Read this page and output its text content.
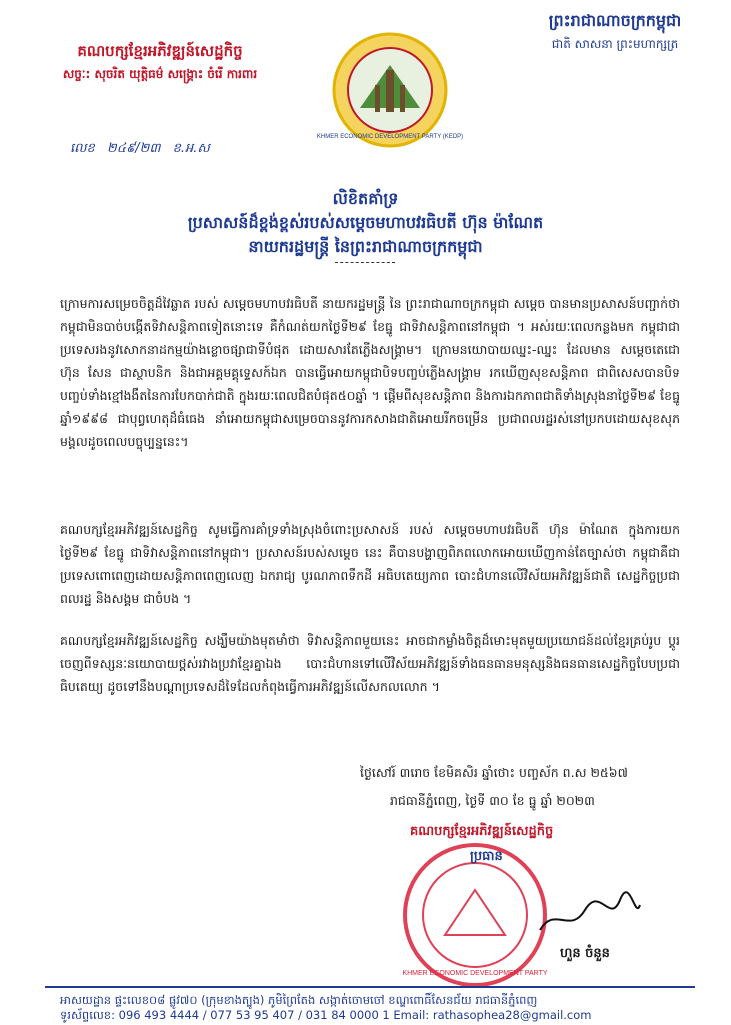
គណបក្សខ្មែរអភិវឌ្ឍន៍សេដ្ឋកិច្ច
សច្ចៈ: សុចរិត យុត្តិធម៌ សង្គ្រោះ ចំរើ ការពារ
KHMER ECONOMIC DEVELOPMENT PARTY (KEDP)
ព្រះរាជាណាចក្រកម្ពុជា
ជាតិ សាសនា ព្រះមហាក្សត្រ
លេខ ២៤៩/២៣ ខ.អ.ស
លិខិតគាំទ្រ
ប្រសាសន៍ដ៏ខ្ពង់ខ្ពស់របស់សម្តេចមហាបវរធិបតី ហ៊ុន ម៉ាណែត
នាយករដ្ឋមន្ត្រី នៃព្រះរាជាណាចក្រកម្ពុជា
ក្រោមការសម្រេចចិត្តដ៏វៃឆ្លាត របស់ សម្តេចមហាបវរធិបតី នាយករដ្ឋមន្ត្រី នៃ ព្រះរាជាណាចក្រកម្ពុជា សម្តេច បានមានប្រសាសន៍បញ្ជាក់ថា កម្ពុជាមិនបាច់បង្កើតទិវាសន្តិភាពទៀតនោះទេ គឺកំណត់យកថ្ងៃទី២៩ ខែធ្នូ ជាទិវាសន្តិភាពនៅកម្ពុជា ។ អស់រយៈពេលកន្លងមក កម្ពុជាជាប្រទេសរងនូវសោកនាដកម្មយ៉ាងខ្លោចផ្សាជាទីបំផុត ដោយសារតែភ្លើងសង្គ្រាម។ ក្រោមនយោបាយឈ្នះ-ឈ្នះ ដែលមាន សម្តេចតេជោ ហ៊ុន សែន ជាស្ថាបនិក និងជាអគ្គមគ្គុទ្ទេសក៍ឯក បានធ្វើអោយកម្ពុជាបិទបញ្ចប់ភ្លើងសង្គ្រាម រកឃើញសុខសន្តិភាព ជាពិសេសបានបិទបញ្ចប់ទាំងខ្មៅងងឹតនៃការបែកបាក់ជាតិ ក្នុងរយៈពេលជិតបំផុត៥០ឆ្នាំ ។ ផ្តើមពីសុខសន្តិភាព និងការឯកភាពជាតិទាំងស្រុងនាថ្ងៃទី២៩ ខែធ្នូ ឆ្នាំ១៩៩៨ ជាបុព្វហេតុដ៏ធំធេង នាំអោយកម្ពុជាសម្រេចបាននូវការកសាងជាតិអោយរីកចម្រើន ប្រជាពលរដ្ឋរស់នៅប្រកបដោយសុខសុភមង្គលដូចពេលបច្ចុប្បន្ននេះ។
គណបក្សខ្មែរអភិវឌ្ឍន៍សេដ្ឋកិច្ច សូមធ្វើការគាំទ្រទាំងស្រុងចំពោះប្រសាសន៍ របស់ សម្តេចមហាបវរធិបតី ហ៊ុន ម៉ាណែត ក្នុងការយកថ្ងៃទី២៩ ខែធ្នូ ជាទិវាសន្តិភាពនៅកម្ពុជា។ ប្រសាសន៍របស់សម្តេច នេះ គឺបានបង្ហាញពិភពលោកអោយឃើញកាន់តែច្បាស់ថា កម្ពុជាគឺជាប្រទេសពោពេញដោយសន្តិភាពពេញលេញ ឯករាជ្យ បូរណភាពទឹកដី អធិបតេយ្យភាព បោះជំហានលើវិស័យអភិវឌ្ឍន៍ជាតិ សេដ្ឋកិច្ចប្រជាពលរដ្ឋ និងសង្គម ជាចំបង ។
គណបក្សខ្មែរអភិវឌ្ឍន៍សេដ្ឋកិច្ច សង្ឃឹមយ៉ាងមុតមាំថា ទិវាសន្តិភាពមួយនេះ អាចជាកម្លាំងចិត្តដ៏មោះមុតមួយប្រយោជន៍ដល់ខ្មែរគ្រប់រូប ប្តូរចេញពីទស្សនៈនយោបាយថ្ពស់រវាងប្រវាខ្មែរគ្នាឯង បោះជំហានទៅលើវិស័យអភិវឌ្ឍន៍ទាំងធនធានមនុស្សនិងធនធានសេដ្ឋកិច្ចបែបប្រជាធិបតេយ្យ ដូចទៅនឹងបណ្តាប្រទេសដ៏ទៃដែលកំពុងធ្វើការអភិវឌ្ឍន៍លើសកលលោក ។
ថ្ងៃសៅរ៍ ៣រោច ខែមិគសិរ ឆ្នាំថោះ បញ្ចស័ក ព.ស ២៥៦៧
រាជធានីភ្នំពេញ, ថ្ងៃទី ៣០ ខែ ធ្នូ ឆ្នាំ ២០២៣
KHMER ECONOMIC DEVELOPMENT PARTY
គណបក្សខ្មែរអភិវឌ្ឍន៍សេដ្ឋកិច្ច
ប្រធាន
ហួន ចំនួន
អាសយដ្ឋាន ផ្ទះលេខ០៨ ផ្លូវ៧០ (ក្រុមខាងត្បូង) ភូមិព្រៃតែង សង្កាត់ចោមចៅ ខណ្ឌពោធិ៍សែនជ័យ រាជធានីភ្នំពេញ
ទូរស័ព្ទលេខ: 096 493 4444 / 077 53 95 407 / 031 84 0000 1 Email: rathasophea28@gmail.com
